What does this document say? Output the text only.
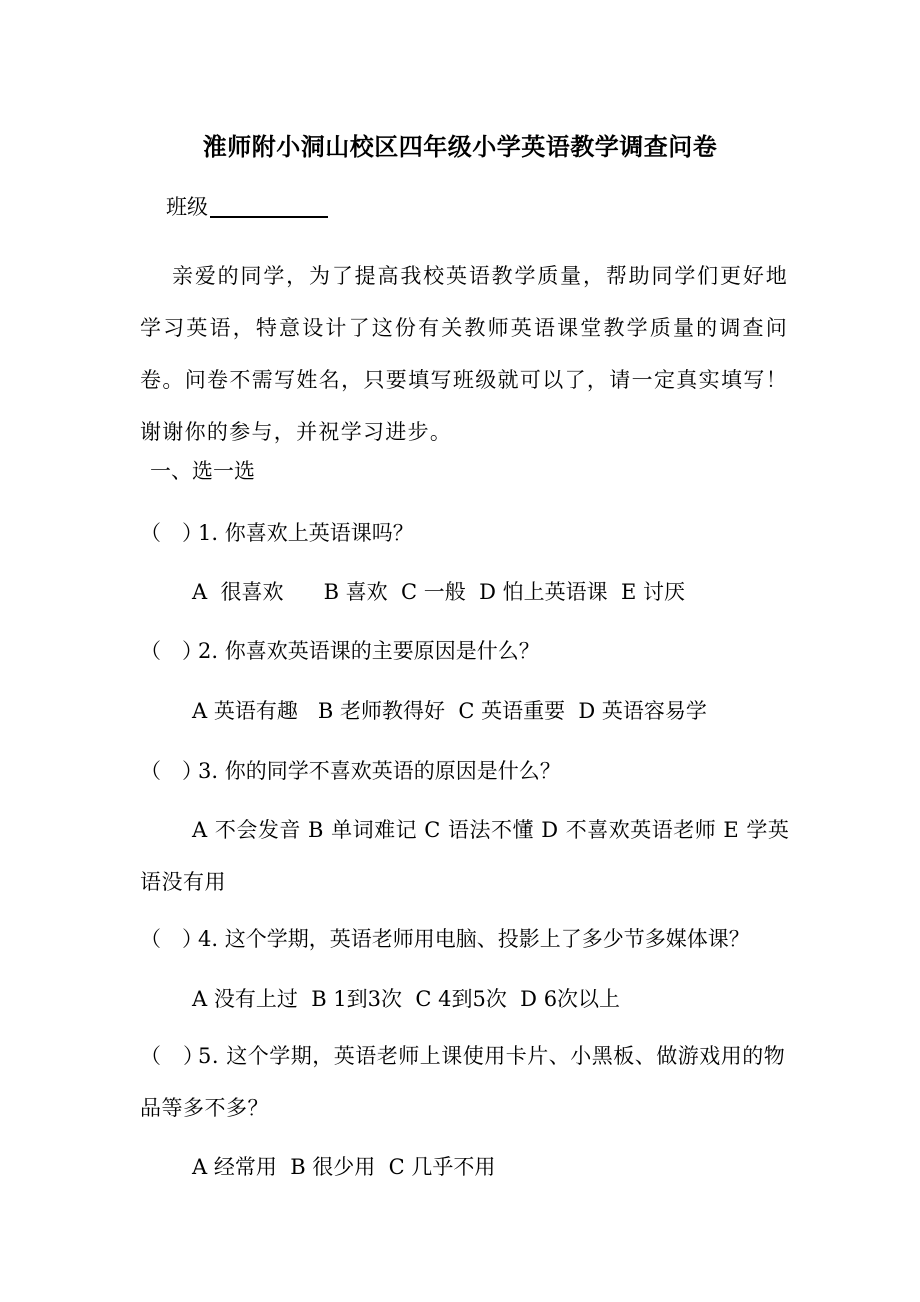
淮师附小洞山校区四年级小学英语教学调查问卷
班级
亲爱的同学，为了提高我校英语教学质量，帮助同学们更好地学习英语，特意设计了这份有关教师英语课堂教学质量的调查问卷。问卷不需写姓名，只要填写班级就可以了，请一定真实填写！谢谢你的参与，并祝学习进步。
一、选一选
（　）1. 你喜欢上英语课吗？
A  很喜欢      B 喜欢  C 一般  D 怕上英语课  E 讨厌
（　）2. 你喜欢英语课的主要原因是什么？
A 英语有趣   B 老师教得好  C 英语重要  D 英语容易学
（　）3. 你的同学不喜欢英语的原因是什么？
A 不会发音 B 单词难记 C 语法不懂 D 不喜欢英语老师 E 学英语没有用
（　）4. 这个学期，英语老师用电脑、投影上了多少节多媒体课？
A 没有上过  B 1到3次  C 4到5次  D 6次以上
（　）5. 这个学期，英语老师上课使用卡片、小黑板、做游戏用的物品等多不多？
A 经常用  B 很少用  C 几乎不用
